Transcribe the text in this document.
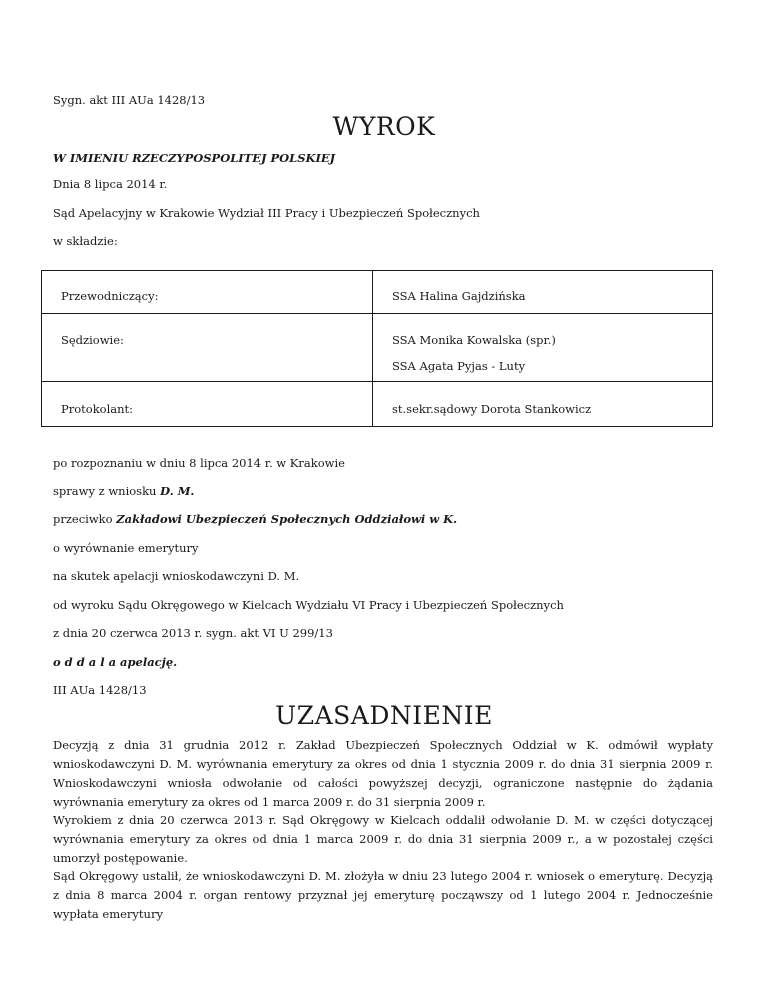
Sygn. akt III AUa 1428/13

WYROK

W IMIENIU RZECZYPOSPOLITEJ POLSKIEJ

Dnia 8 lipca 2014 r.

Sąd Apelacyjny w Krakowie Wydział III Pracy i Ubezpieczeń Społecznych

w składzie:

Przewodniczący:	SSA Halina Gajdzińska

Sędziowie:	SSA Monika Kowalska (spr.)
SSA Agata Pyjas - Luty

Protokolant:	st.sekr.sądowy Dorota Stankowicz

po rozpoznaniu w dniu 8 lipca 2014 r. w Krakowie

sprawy z wniosku D. M.

przeciwko Zakładowi Ubezpieczeń Społecznych Oddziałowi w K.

o wyrównanie emerytury

na skutek apelacji wnioskodawczyni D. M.

od wyroku Sądu Okręgowego w Kielcach Wydziału VI Pracy i Ubezpieczeń Społecznych

z dnia 20 czerwca 2013 r. sygn. akt VI U 299/13

o d d a l a apelację.

III AUa 1428/13

UZASADNIENIE

Decyzją z dnia 31 grudnia 2012 r. Zakład Ubezpieczeń Społecznych Oddział w K. odmówił wypłaty wnioskodawczyni D. M. wyrównania emerytury za okres od dnia 1 stycznia 2009 r. do dnia 31 sierpnia 2009 r. Wnioskodawczyni wniosła odwołanie od całości powyższej decyzji, ograniczone następnie do żądania wyrównania emerytury za okres od 1 marca 2009 r. do 31 sierpnia 2009 r.

Wyrokiem z dnia 20 czerwca 2013 r. Sąd Okręgowy w Kielcach oddalił odwołanie D. M. w części dotyczącej wyrównania emerytury za okres od dnia 1 marca 2009 r. do dnia 31 sierpnia 2009 r., a w pozostałej części umorzył postępowanie.

Sąd Okręgowy ustalił, że wnioskodawczyni D. M. złożyła w dniu 23 lutego 2004 r. wniosek o emeryturę. Decyzją z dnia 8 marca 2004 r. organ rentowy przyznał jej emeryturę począwszy od 1 lutego 2004 r. Jednocześnie wypłata emerytury
